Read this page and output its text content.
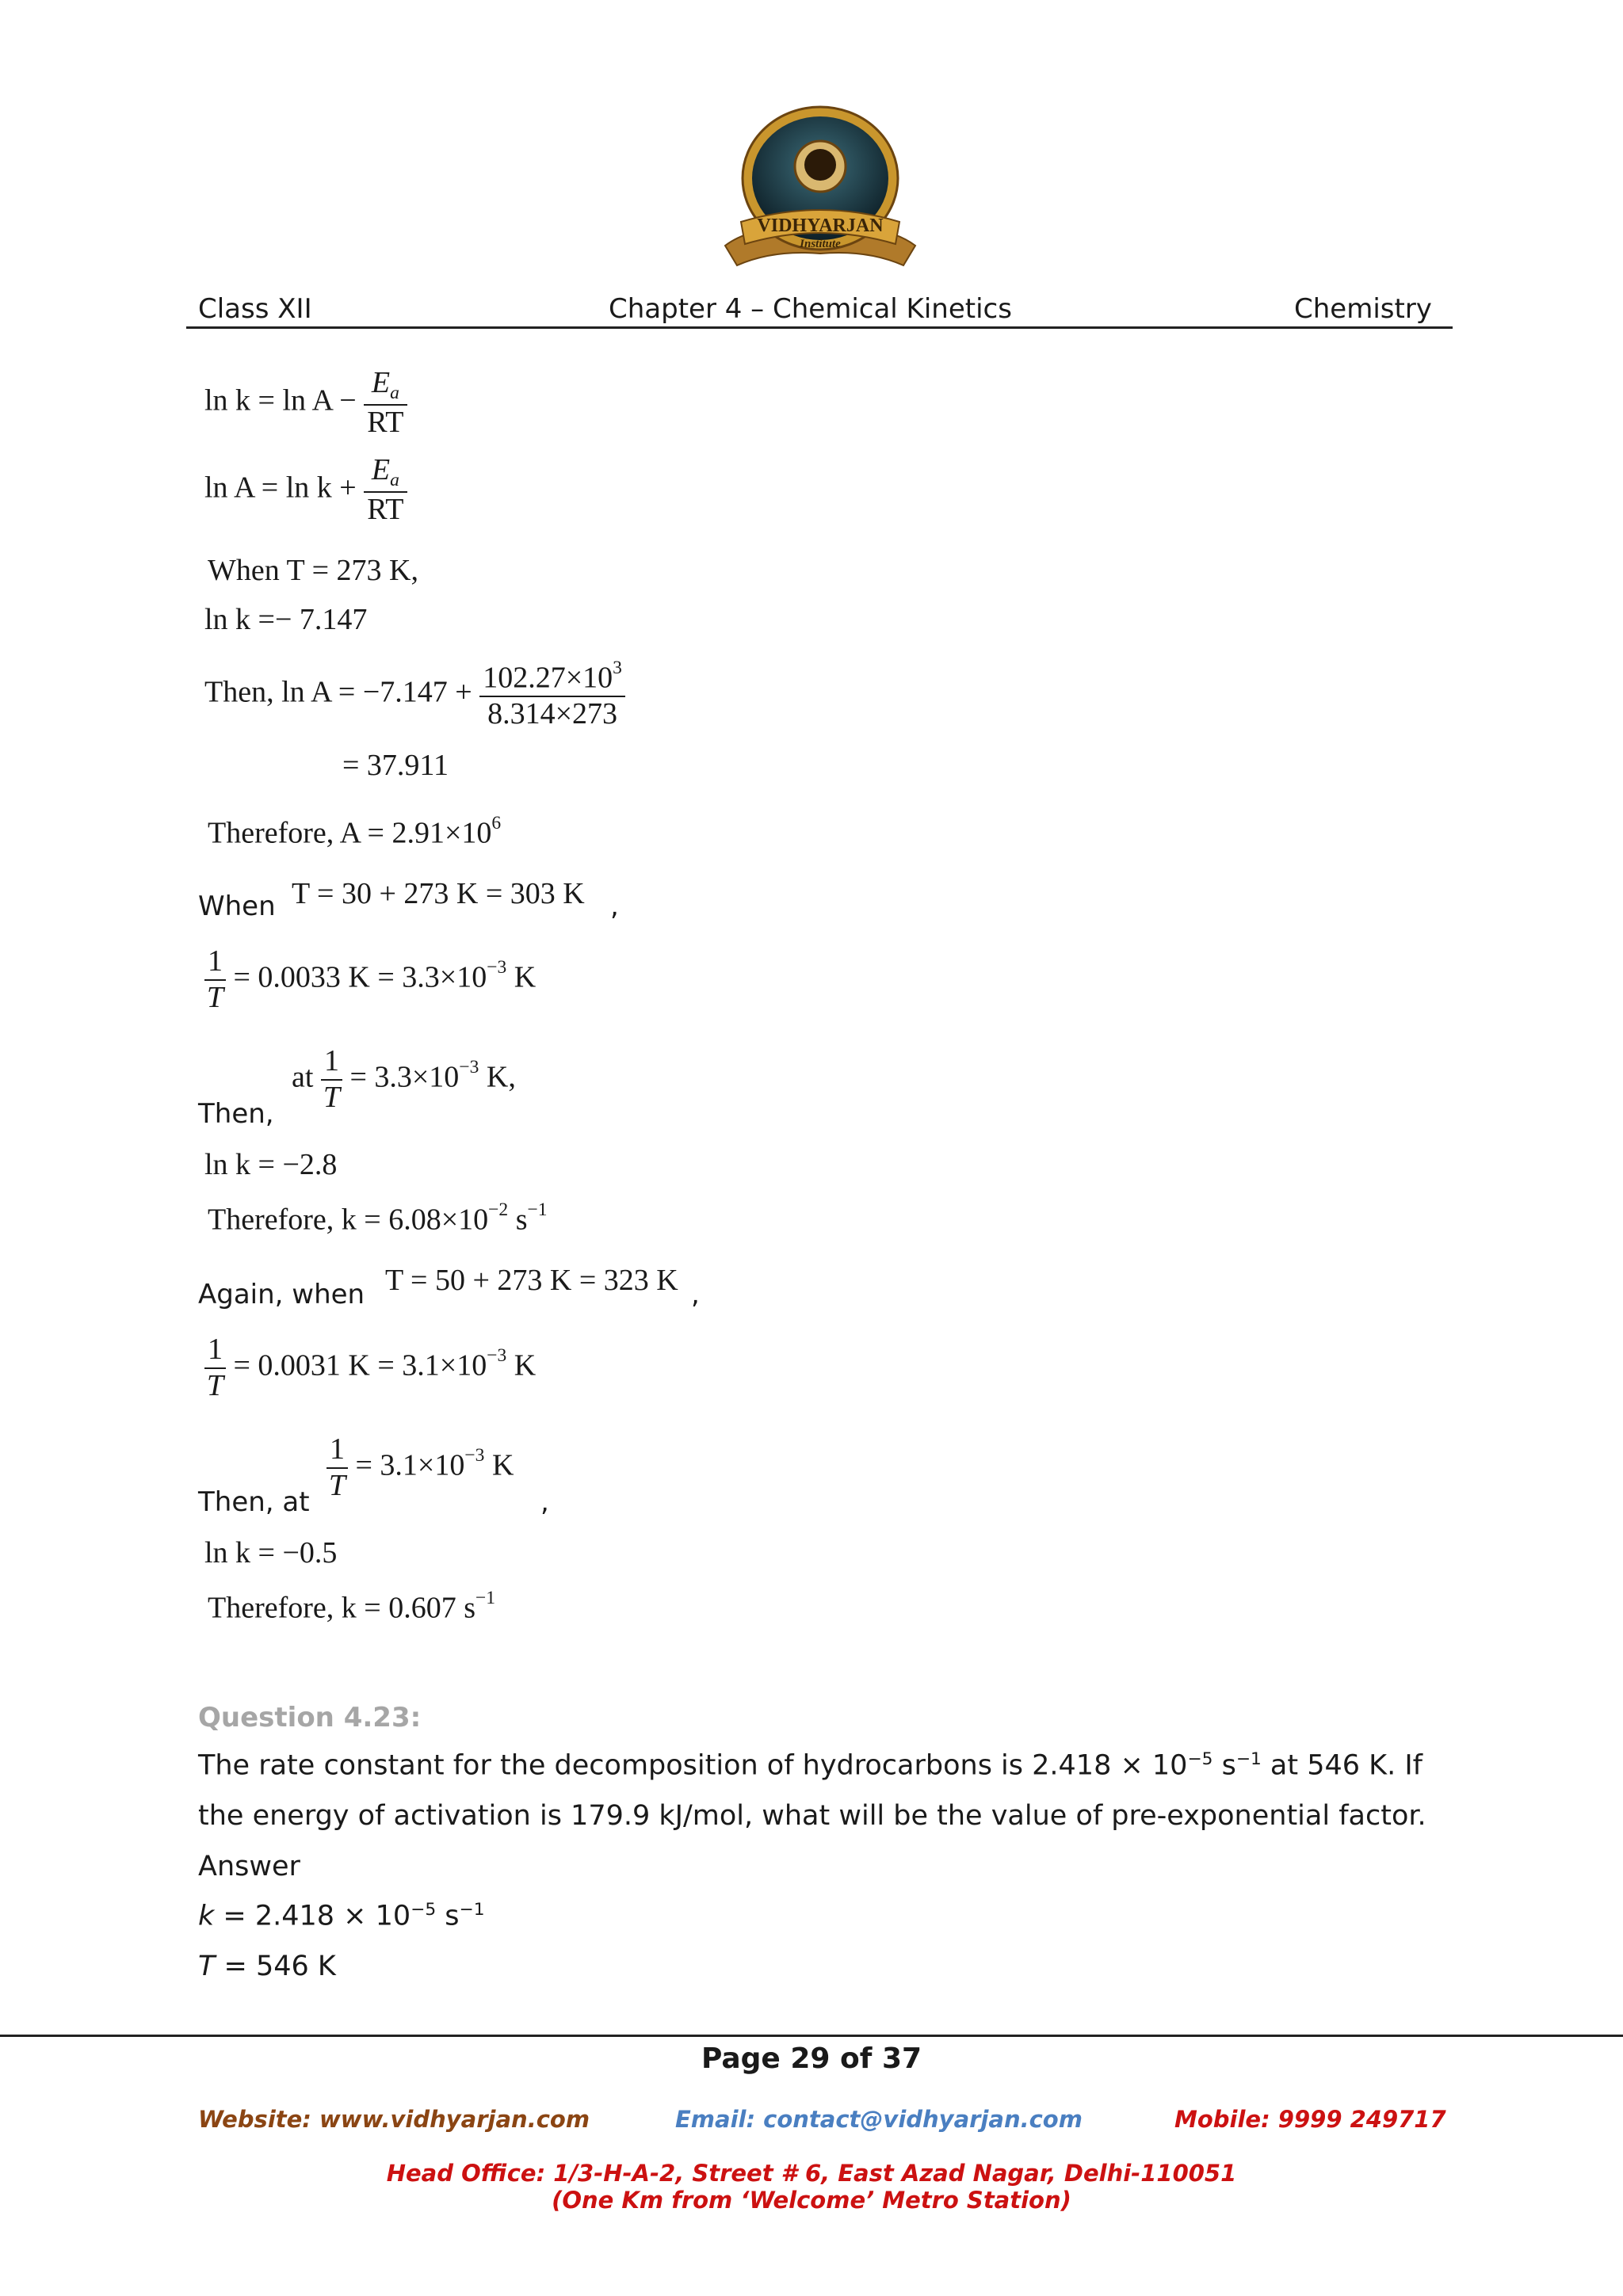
VIDHYARJAN
Institute
Class XII	Chapter 4 – Chemical Kinetics	Chemistry
$\ln k = \ln A - \frac{E_a}{RT}$
$\ln A = \ln k + \frac{E_a}{RT}$
When T = 273 K,
ln k =− 7.147
Then, $\ln A = -7.147 + \frac{102.27\times 10^3}{8.314\times 273}$
= 37.911
Therefore, $A = 2.91\times 10^6$
When T = 30 + 273 K = 303 K ,
$\frac{1}{T} = 0.0033$ $K = 3.3\times 10^{-3}$ K
at $\frac{1}{T} = 3.3\times 10^{-3}$ K,
Then,
ln k = −2.8
Therefore, $k = 6.08\times 10^{-2}$ $s^{-1}$
Again, when T = 50 + 273 K = 323 K ,
$\frac{1}{T} = 0.0031$ $K = 3.1\times 10^{-3}$ K
$\frac{1}{T} = 3.1\times 10^{-3}$ K
Then, at	,
ln k = −0.5
Therefore, k = 0.607 $s^{-1}$
Question 4.23:
The rate constant for the decomposition of hydrocarbons is $2.418 \times 10^{-5}$ $s^{-1}$ at 546 K. If
the energy of activation is 179.9 kJ/mol, what will be the value of pre-exponential factor.
Answer
$k = 2.418 \times 10^{-5}$ $s^{-1}$
T = 546 K
Page 29 of 37
Website: www.vidhyarjan.com	Email: contact@vidhyarjan.com	Mobile: 9999 249717
Head Office: 1/3-H-A-2, Street # 6, East Azad Nagar, Delhi-110051
(One Km from ‘Welcome’ Metro Station)
